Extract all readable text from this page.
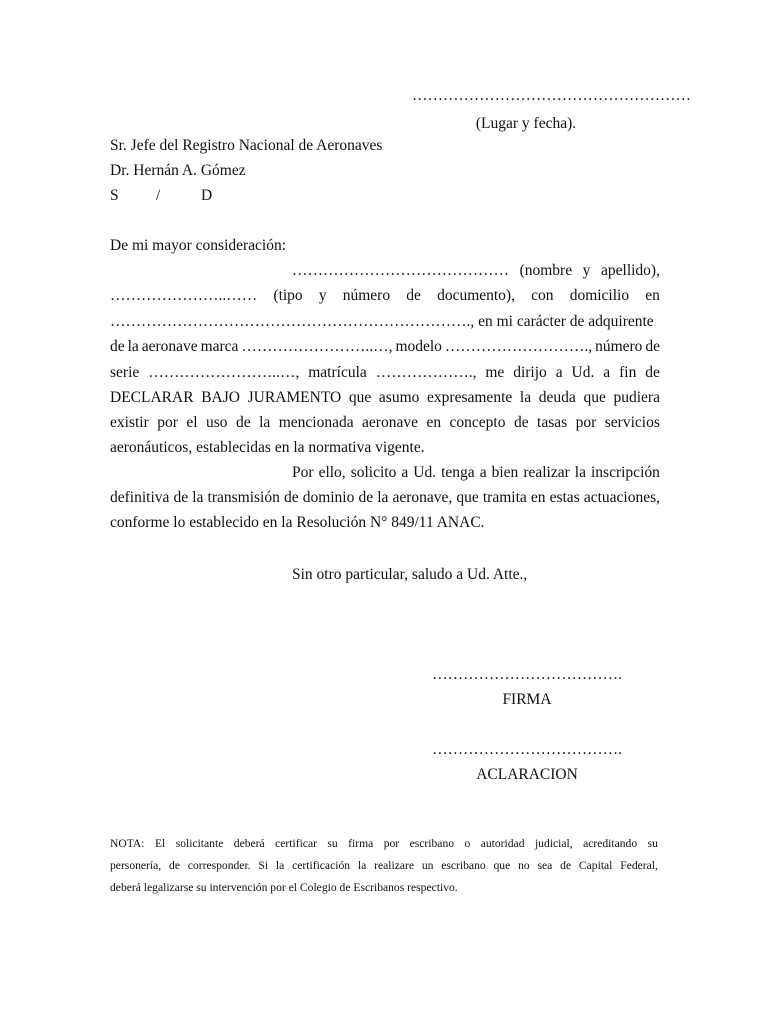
………………………………………………
(Lugar y fecha).
Sr. Jefe del Registro Nacional de Aeronaves
Dr. Hernán A. Gómez
S /	D
De mi mayor consideración:
…………………………………… (nombre y apellido),
…………………..…… (tipo y número de documento), con domicilio en
……………………………………………………………., en mi carácter de adquirente
de la aeronave marca ……………………..…, modelo ………………………., número de
serie ……………………..…, matrícula ………………., me dirijo a Ud. a fin de
DECLARAR BAJO JURAMENTO que asumo expresamente la deuda que pudiera
existir por el uso de la mencionada aeronave en concepto de tasas por servicios
aeronáuticos, establecidas en la normativa vigente.
Por ello, solicito a Ud. tenga a bien realizar la inscripción
definitiva de la transmisión de dominio de la aeronave, que tramita en estas actuaciones,
conforme lo establecido en la Resolución N° 849/11 ANAC.
Sin otro particular, saludo a Ud. Atte.,
……………………………….
FIRMA
……………………………….
ACLARACION
NOTA: El solicitante deberá certificar su firma por escribano o autoridad judicial, acreditando su
personería, de corresponder. Si la certificación la realizare un escribano que no sea de Capital Federal,
deberá legalizarse su intervención por el Colegio de Escribanos respectivo.
